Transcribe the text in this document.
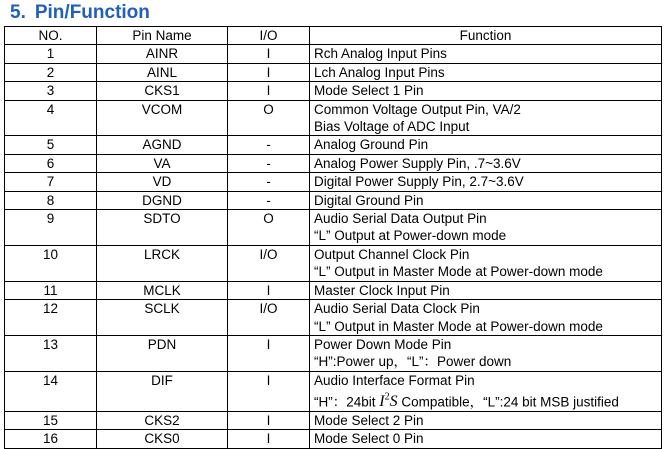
5. Pin/Function
NO.	Pin Name	I/O	Function
1	AINR	I	Rch Analog Input Pins

2	AINL	I	Lch Analog Input Pins

3	CKS1	I	Mode Select 1 Pin

4	VCOM	O	Common Voltage Output Pin, VA/2
Bias Voltage of ADC Input

5	AGND	-	Analog Ground Pin

6	VA	-	Analog Power Supply Pin, .7~3.6V

7	VD	-	Digital Power Supply Pin, 2.7~3.6V

8	DGND	-	Digital Ground Pin

9	SDTO	O	Audio Serial Data Output Pin
“L” Output at Power-down mode

10	LRCK	I/O	Output Channel Clock Pin
“L” Output in Master Mode at Power-down mode

11	MCLK	I	Master Clock Input Pin

12	SCLK	I/O	Audio Serial Data Clock Pin
“L” Output in Master Mode at Power-down mode

13	PDN	I	Power Down Mode Pin
“H”:Power up，“L”：Power down

14	DIF	I	Audio Interface Format Pin
“H”：24bit $I^2S$ Compatible，“L”:24 bit MSB justified

15	CKS2	I	Mode Select 2 Pin

16	CKS0	I	Mode Select 0 Pin
